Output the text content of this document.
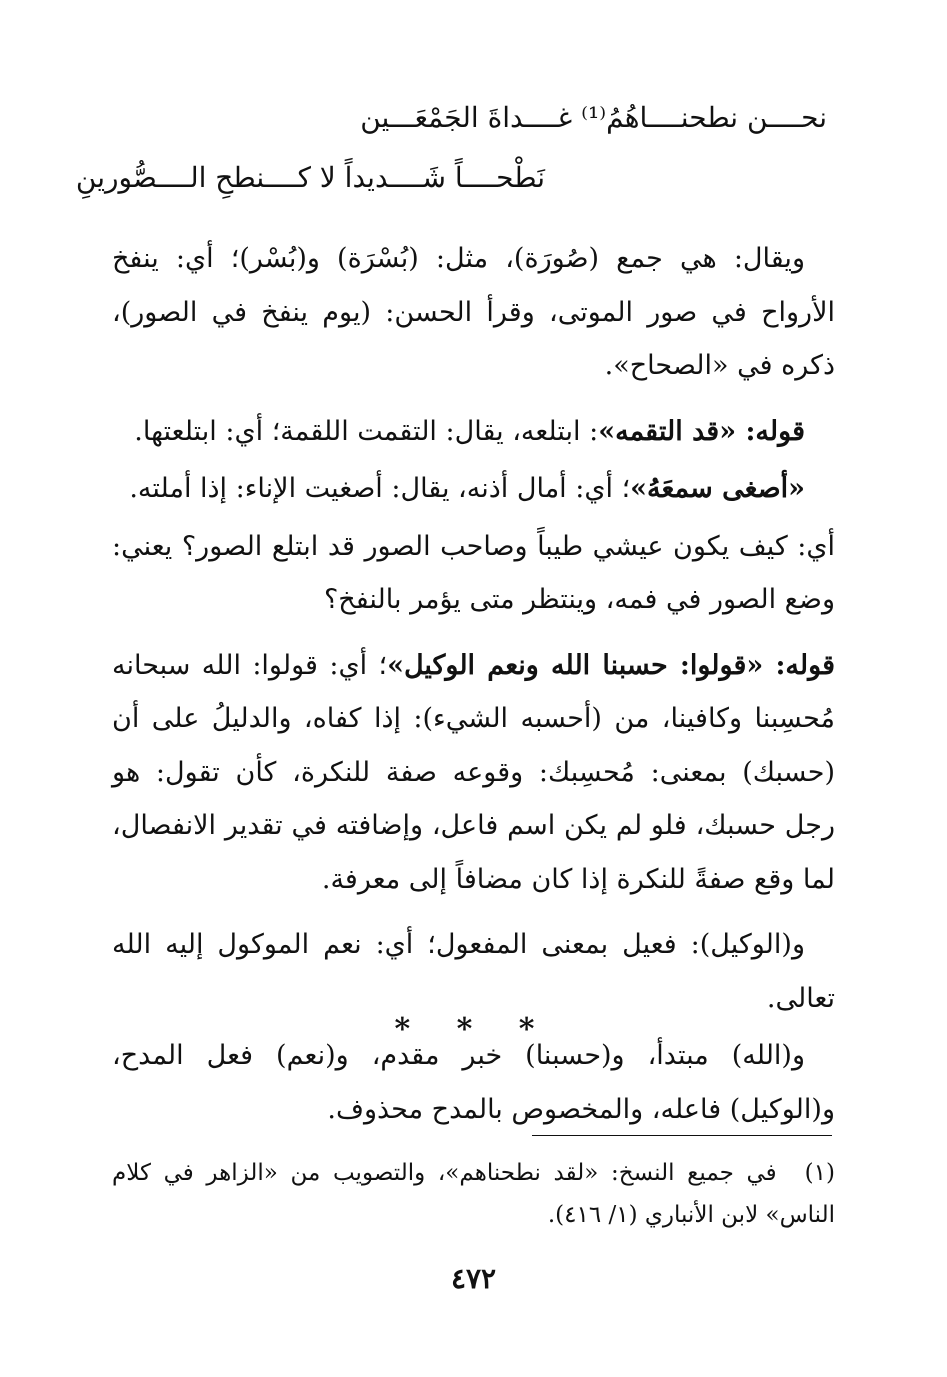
نحــــن نطحنــــاهُمُ⁽¹⁾ غــــداةَ الجَمْعَـــين
نَطْحــــاً شَــــديداً لا كــــنطحِ الــــصُّورينِ

ويقال: هي جمع (صُورَة)، مثل: (بُسْرَة) و(بُسْر)؛ أي: ينفخ الأرواح في صور الموتى، وقرأ الحسن: (يوم ينفخ في الصور)، ذكره في «الصحاح».

قوله: «قد التقمه»: ابتلعه، يقال: التقمت اللقمة؛ أي: ابتلعتها.

«أصغى سمعَهُ»؛ أي: أمال أذنه، يقال: أصغيت الإناء: إذا أملته.

أي: كيف يكون عيشي طيباً وصاحب الصور قد ابتلع الصور؟ يعني: وضع الصور في فمه، وينتظر متى يؤمر بالنفخ؟

قوله: «قولوا: حسبنا الله ونعم الوكيل»؛ أي: قولوا: الله سبحانه مُحسِبنا وكافينا، من (أحسبه الشيء): إذا كفاه، والدليلُ على أن (حسبك) بمعنى: مُحسِبك: وقوعه صفة للنكرة، كأن تقول: هو رجل حسبك، فلو لم يكن اسم فاعل، وإضافته في تقدير الانفصال، لما وقع صفةً للنكرة إذا كان مضافاً إلى معرفة.

و(الوكيل): فعيل بمعنى المفعول؛ أي: نعم الموكول إليه الله تعالى.

و(الله) مبتدأ، و(حسبنا) خبر مقدم، و(نعم) فعل المدح، و(الوكيل) فاعله، والمخصوص بالمدح محذوف.

* * *
(١)في جميع النسخ: «لقد نطحناهم»، والتصويب من «الزاهر في كلام الناس» لابن الأنباري (١/ ٤١٦).
٤٧٢
